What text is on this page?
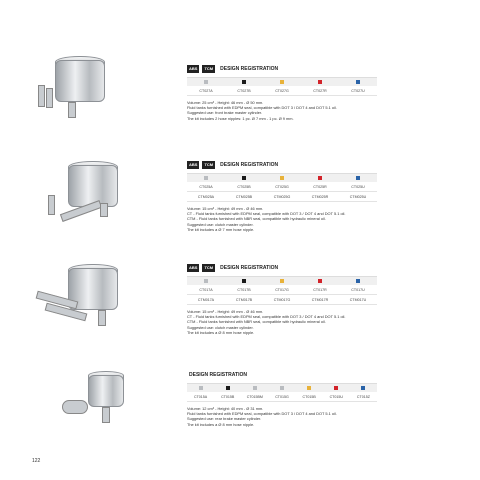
ABS	TCM	DESIGN REGISTRATION
CT027A	CT027B	CT027G	CT027R	CT027U
Volume: 25 cm³ - Height: 46 mm - Ø 50 mm.
Fluid tanks furnished with EDPM seal, compatible with DOT 3 / DOT 4 and DOT 5.1 oil.
Suggested use: front brake master cylinder.
The kit includes 2 hose nipples: 1 pc. Ø 7 mm - 1 pc. Ø 9 mm.
ABS	TCM	DESIGN REGISTRATION
CT025A	CT025B	CT025G	CT025R	CT025U
CTM025A	CTM025B	CTM025G	CTM025R	CTM025U
Volume: 15 cm³ - Height: 49 mm - Ø 46 mm.
CT - Fluid tanks furnished with EDPM seal, compatible with DOT 3 / DOT 4 and DOT 5.1 oil.
CTM - Fluid tanks furnished with NBR seal, compatible with hydraulic mineral oil.
Suggested use: clutch master cylinder.
The kit includes a Ø 7 mm hose nipple.
ABS	TCM	DESIGN REGISTRATION
CT017A	CT017B	CT017G	CT017R	CT017U
CTM017A	CTM017B	CTM017G	CTM017R	CTM017U
Volume: 15 cm³ - Height: 49 mm - Ø 46 mm.
CT - Fluid tanks furnished with EDPM seal, compatible with DOT 3 / DOT 4 and DOT 5.1 oil.
CTM - Fluid tanks furnished with NBR seal, compatible with hydraulic mineral oil.
Suggested use: clutch master cylinder.
The kit includes a Ø 8 mm hose nipple.
DESIGN REGISTRATION
CT015A	CT015B	CT015BM	CT015G	CT015B	CT015U	CT015Z
Volume: 12 cm³ - Height: 40 mm - Ø 31 mm.
Fluid tanks furnished with EDPM seal, compatible with DOT 3 / DOT 4 and DOT 5.1 oil.
Suggested use: rear brake master cylinder.
The kit includes a Ø 8 mm hose nipple.
122
